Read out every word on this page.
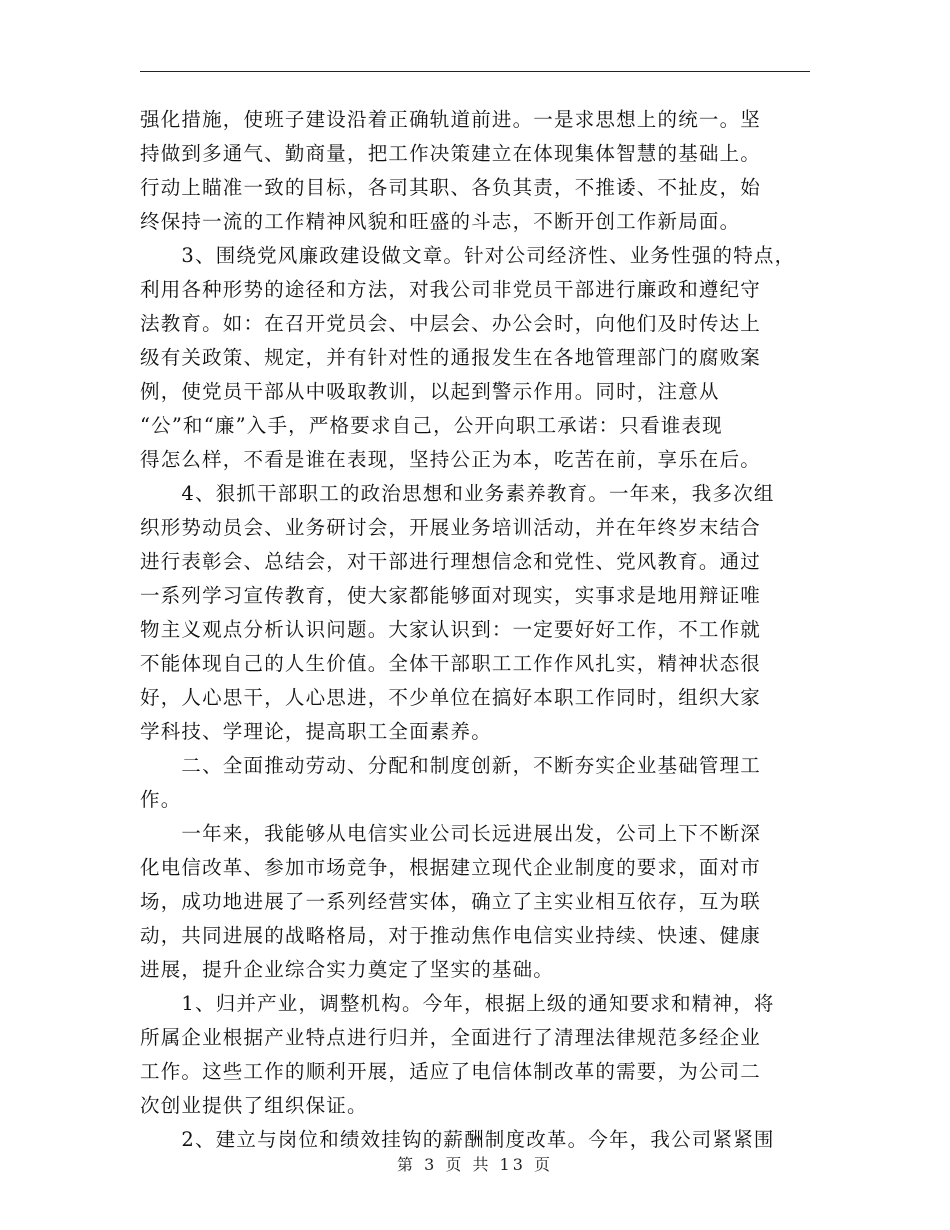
强化措施，使班子建设沿着正确轨道前进。一是求思想上的统一。坚
持做到多通气、勤商量，把工作决策建立在体现集体智慧的基础上。
行动上瞄准一致的目标，各司其职、各负其责，不推诿、不扯皮，始
终保持一流的工作精神风貌和旺盛的斗志，不断开创工作新局面。
　　3、围绕党风廉政建设做文章。针对公司经济性、业务性强的特点，
利用各种形势的途径和方法，对我公司非党员干部进行廉政和遵纪守
法教育。如：在召开党员会、中层会、办公会时，向他们及时传达上
级有关政策、规定，并有针对性的通报发生在各地管理部门的腐败案
例，使党员干部从中吸取教训，以起到警示作用。同时，注意从
“公”和“廉”入手，严格要求自己，公开向职工承诺：只看谁表现
得怎么样，不看是谁在表现，坚持公正为本，吃苦在前，享乐在后。
　　4、狠抓干部职工的政治思想和业务素养教育。一年来，我多次组
织形势动员会、业务研讨会，开展业务培训活动，并在年终岁末结合
进行表彰会、总结会，对干部进行理想信念和党性、党风教育。通过
一系列学习宣传教育，使大家都能够面对现实，实事求是地用辩证唯
物主义观点分析认识问题。大家认识到：一定要好好工作，不工作就
不能体现自己的人生价值。全体干部职工工作作风扎实，精神状态很
好，人心思干，人心思进，不少单位在搞好本职工作同时，组织大家
学科技、学理论，提高职工全面素养。
　　二、全面推动劳动、分配和制度创新，不断夯实企业基础管理工
作。
　　一年来，我能够从电信实业公司长远进展出发，公司上下不断深
化电信改革、参加市场竞争，根据建立现代企业制度的要求，面对市
场，成功地进展了一系列经营实体，确立了主实业相互依存，互为联
动，共同进展的战略格局，对于推动焦作电信实业持续、快速、健康
进展，提升企业综合实力奠定了坚实的基础。
　　1、归并产业，调整机构。今年，根据上级的通知要求和精神，将
所属企业根据产业特点进行归并，全面进行了清理法律规范多经企业
工作。这些工作的顺利开展，适应了电信体制改革的需要，为公司二
次创业提供了组织保证。
　　2、建立与岗位和绩效挂钩的薪酬制度改革。今年，我公司紧紧围
第 3 页 共 13 页
